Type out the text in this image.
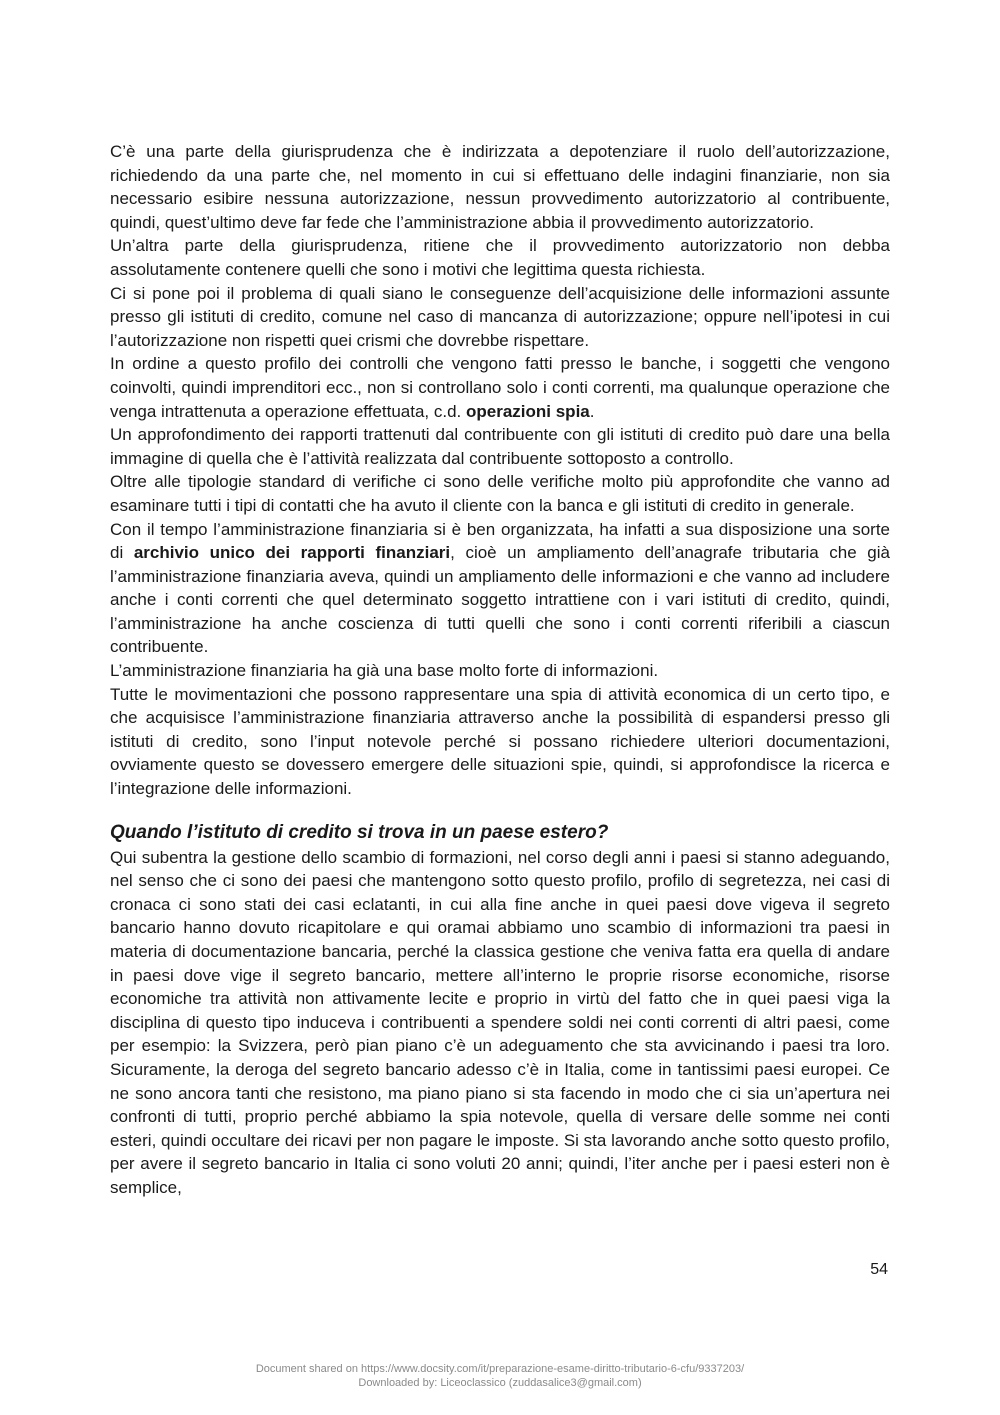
C’è una parte della giurisprudenza che è indirizzata a depotenziare il ruolo dell’autorizzazione, richiedendo da una parte che, nel momento in cui si effettuano delle indagini finanziarie, non sia necessario esibire nessuna autorizzazione, nessun provvedimento autorizzatorio al contribuente, quindi, quest’ultimo deve far fede che l’amministrazione abbia il provvedimento autorizzatorio.

Un’altra parte della giurisprudenza, ritiene che il provvedimento autorizzatorio non debba assolutamente contenere quelli che sono i motivi che legittima questa richiesta.

Ci si pone poi il problema di quali siano le conseguenze dell’acquisizione delle informazioni assunte presso gli istituti di credito, comune nel caso di mancanza di autorizzazione; oppure nell’ipotesi in cui l’autorizzazione non rispetti quei crismi che dovrebbe rispettare.

In ordine a questo profilo dei controlli che vengono fatti presso le banche, i soggetti che vengono coinvolti, quindi imprenditori ecc., non si controllano solo i conti correnti, ma qualunque operazione che venga intrattenuta a operazione effettuata, c.d. operazioni spia.

Un approfondimento dei rapporti trattenuti dal contribuente con gli istituti di credito può dare una bella immagine di quella che è l’attività realizzata dal contribuente sottoposto a controllo.

Oltre alle tipologie standard di verifiche ci sono delle verifiche molto più approfondite che vanno ad esaminare tutti i tipi di contatti che ha avuto il cliente con la banca e gli istituti di credito in generale.

Con il tempo l’amministrazione finanziaria si è ben organizzata, ha infatti a sua disposizione una sorte di archivio unico dei rapporti finanziari, cioè un ampliamento dell’anagrafe tributaria che già l’amministrazione finanziaria aveva, quindi un ampliamento delle informazioni e che vanno ad includere anche i conti correnti che quel determinato soggetto intrattiene con i vari istituti di credito, quindi, l’amministrazione ha anche coscienza di tutti quelli che sono i conti correnti riferibili a ciascun contribuente.

L’amministrazione finanziaria ha già una base molto forte di informazioni.

Tutte le movimentazioni che possono rappresentare una spia di attività economica di un certo tipo, e che acquisisce l’amministrazione finanziaria attraverso anche la possibilità di espandersi presso gli istituti di credito, sono l’input notevole perché si possano richiedere ulteriori documentazioni, ovviamente questo se dovessero emergere delle situazioni spie, quindi, si approfondisce la ricerca e l’integrazione delle informazioni.

Quando l’istituto di credito si trova in un paese estero?

Qui subentra la gestione dello scambio di formazioni, nel corso degli anni i paesi si stanno adeguando, nel senso che ci sono dei paesi che mantengono sotto questo profilo, profilo di segretezza, nei casi di cronaca ci sono stati dei casi eclatanti, in cui alla fine anche in quei paesi dove vigeva il segreto bancario hanno dovuto ricapitolare e qui oramai abbiamo uno scambio di informazioni tra paesi in materia di documentazione bancaria, perché la classica gestione che veniva fatta era quella di andare in paesi dove vige il segreto bancario, mettere all’interno le proprie risorse economiche, risorse economiche tra attività non attivamente lecite e proprio in virtù del fatto che in quei paesi viga la disciplina di questo tipo induceva i contribuenti a spendere soldi nei conti correnti di altri paesi, come per esempio: la Svizzera, però pian piano c’è un adeguamento che sta avvicinando i paesi tra loro. Sicuramente, la deroga del segreto bancario adesso c’è in Italia, come in tantissimi paesi europei. Ce ne sono ancora tanti che resistono, ma piano piano si sta facendo in modo che ci sia un’apertura nei confronti di tutti, proprio perché abbiamo la spia notevole, quella di versare delle somme nei conti esteri, quindi occultare dei ricavi per non pagare le imposte. Si sta lavorando anche sotto questo profilo, per avere il segreto bancario in Italia ci sono voluti 20 anni; quindi, l’iter anche per i paesi esteri non è semplice,

54
Document shared on https://www.docsity.com/it/preparazione-esame-diritto-tributario-6-cfu/9337203/
Downloaded by: Liceoclassico (zuddasalice3@gmail.com)
